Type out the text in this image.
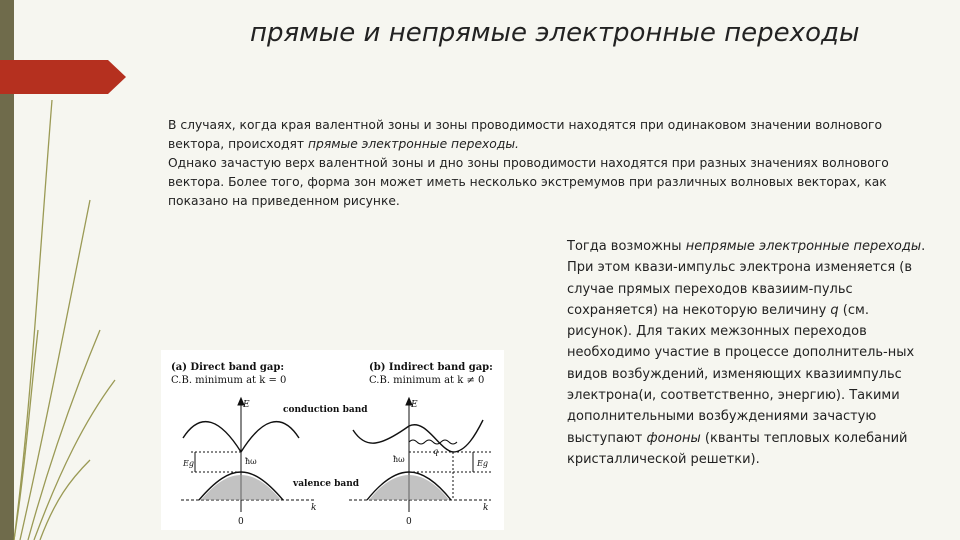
прямые и непрямые электронные переходы

В случаях, когда края валентной зоны и зоны проводимости находятся при одинаковом значении волнового вектора, происходят прямые электронные переходы.

Однако зачастую верх валентной зоны и дно зоны проводимости находятся при разных значениях волнового вектора. Более того, форма зон может иметь несколько экстремумов при различных волновых векторах, как показано на приведенном рисунке.

Тогда возможны непрямые электронные переходы. При этом квази-импульс электрона изменяется (в случае прямых переходов квазиим-пульс сохраняется) на некоторую величину q (см. рисунок). Для таких межзонных переходов необходимо участие в процессе дополнитель-ных видов возбуждений, изменяющих квазиимпульс электрона(и, соответственно, энергию). Такими дополнительными возбуждениями зачастую выступают фононы (кванты тепловых колебаний кристаллической решетки).

(a) Direct band gap:
C.B. minimum at k = 0
(b) Indirect band gap:
C.B. minimum at k ≠ 0
conduction band
valence band
E
Eg	ħω
0
k
E
Eg
ħω
q
0
k
